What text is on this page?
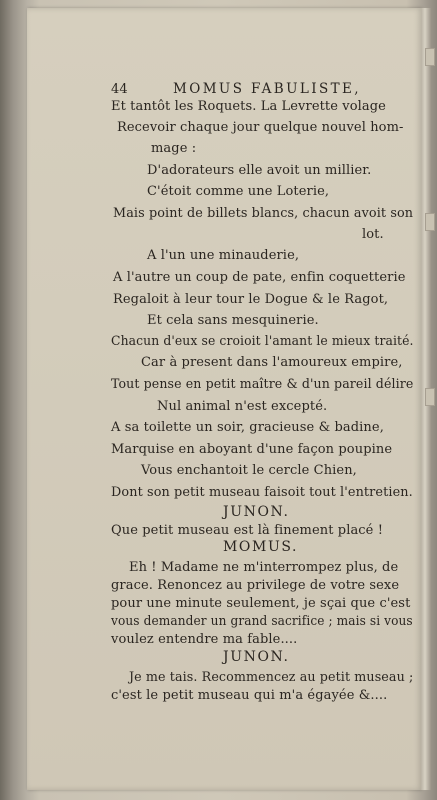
44	MOMUS FABULISTE,
Et tantôt les Roquets. La Levrette volage
Recevoir chaque jour quelque nouvel hom-
mage :
D'adorateurs elle avoit un millier.
C'étoit comme une Loterie,
Mais point de billets blancs, chacun avoit son
lot.
A l'un une minauderie,
A l'autre un coup de pate, enfin coquetterie
Regaloit à leur tour le Dogue & le Ragot,
Et cela sans mesquinerie.
Chacun d'eux se croioit l'amant le mieux traité.
Car à present dans l'amoureux empire,
Tout pense en petit maître & d'un pareil délire
Nul animal n'est excepté.
A sa toilette un soir, gracieuse & badine,
Marquise en aboyant d'une façon poupine
Vous enchantoit le cercle Chien,
Dont son petit museau faisoit tout l'entretien.
JUNON.
Que petit museau est là finement placé !
MOMUS.
Eh ! Madame ne m'interrompez plus, de
grace. Renoncez au privilege de votre sexe
pour une minute seulement, je sçai que c'est
vous demander un grand sacrifice ; mais si vous
voulez entendre ma fable....
JUNON.
Je me tais. Recommencez au petit museau ;
c'est le petit museau qui m'a égayée &....
